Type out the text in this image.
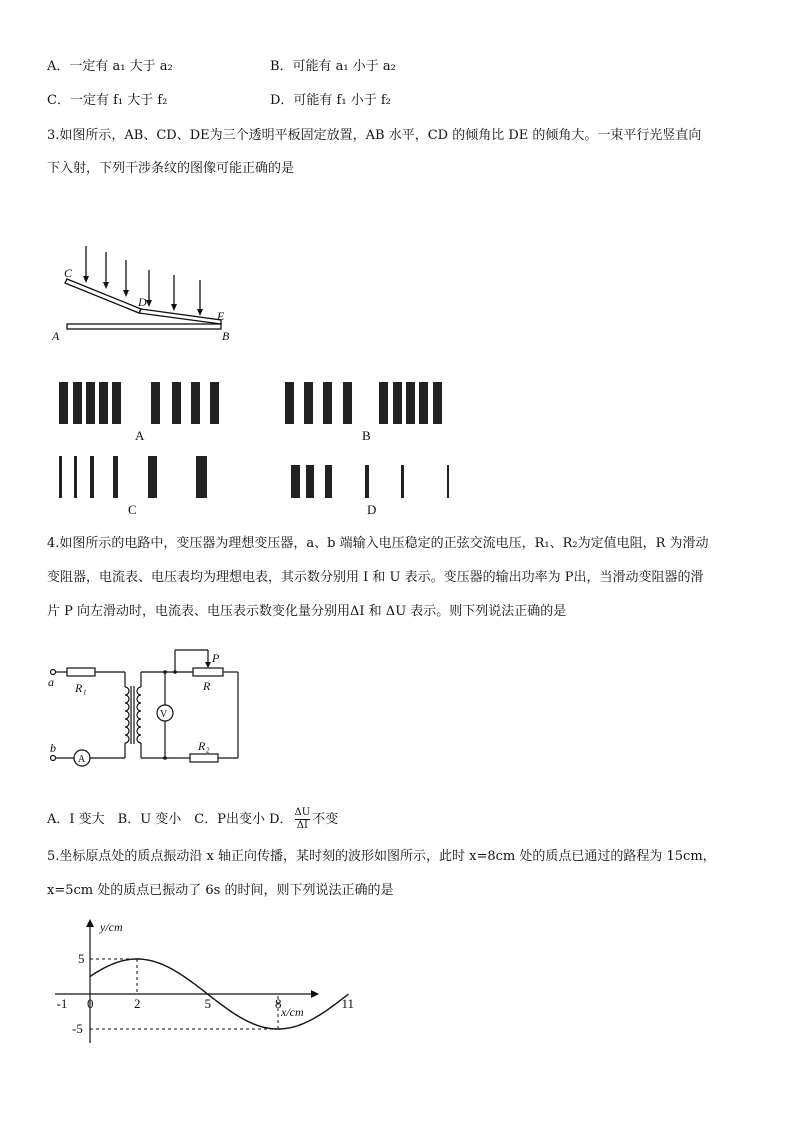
A．一定有 a₁ 大于 a₂	B．可能有 a₁ 小于 a₂
C．一定有 f₁ 大于 f₂	D．可能有 f₁ 小于 f₂
3.如图所示，AB、CD、DE为三个透明平板固定放置，AB 水平，CD 的倾角比 DE 的倾角大。一束平行光竖直向
下入射，下列干涉条纹的图像可能正确的是
C
D
E
A	B
A	B
C	D
4.如图所示的电路中，变压器为理想变压器，a、b 端输入电压稳定的正弦交流电压，R₁、R₂为定值电阻，R 为滑动
变阻器，电流表、电压表均为理想电表，其示数分别用 I 和 U 表示。变压器的输出功率为 P出，当滑动变阻器的滑
片 P 向左滑动时，电流表、电压表示数变化量分别用ΔI 和 ΔU 表示。则下列说法正确的是
a
b
R₁
R₂
R
P
V
A
A．I 变大　B．U 变小　C．P出变小 D． $\frac{\Delta U}{\Delta I}$ 不变
5.坐标原点处的质点振动沿 x 轴正向传播，某时刻的波形如图所示，此时 x=8cm 处的质点已通过的路程为 15cm，
x=5cm 处的质点已振动了 6s 的时间，则下列说法正确的是
-1 0	2	5	8	11
5
-5
y/cm
x/cm
